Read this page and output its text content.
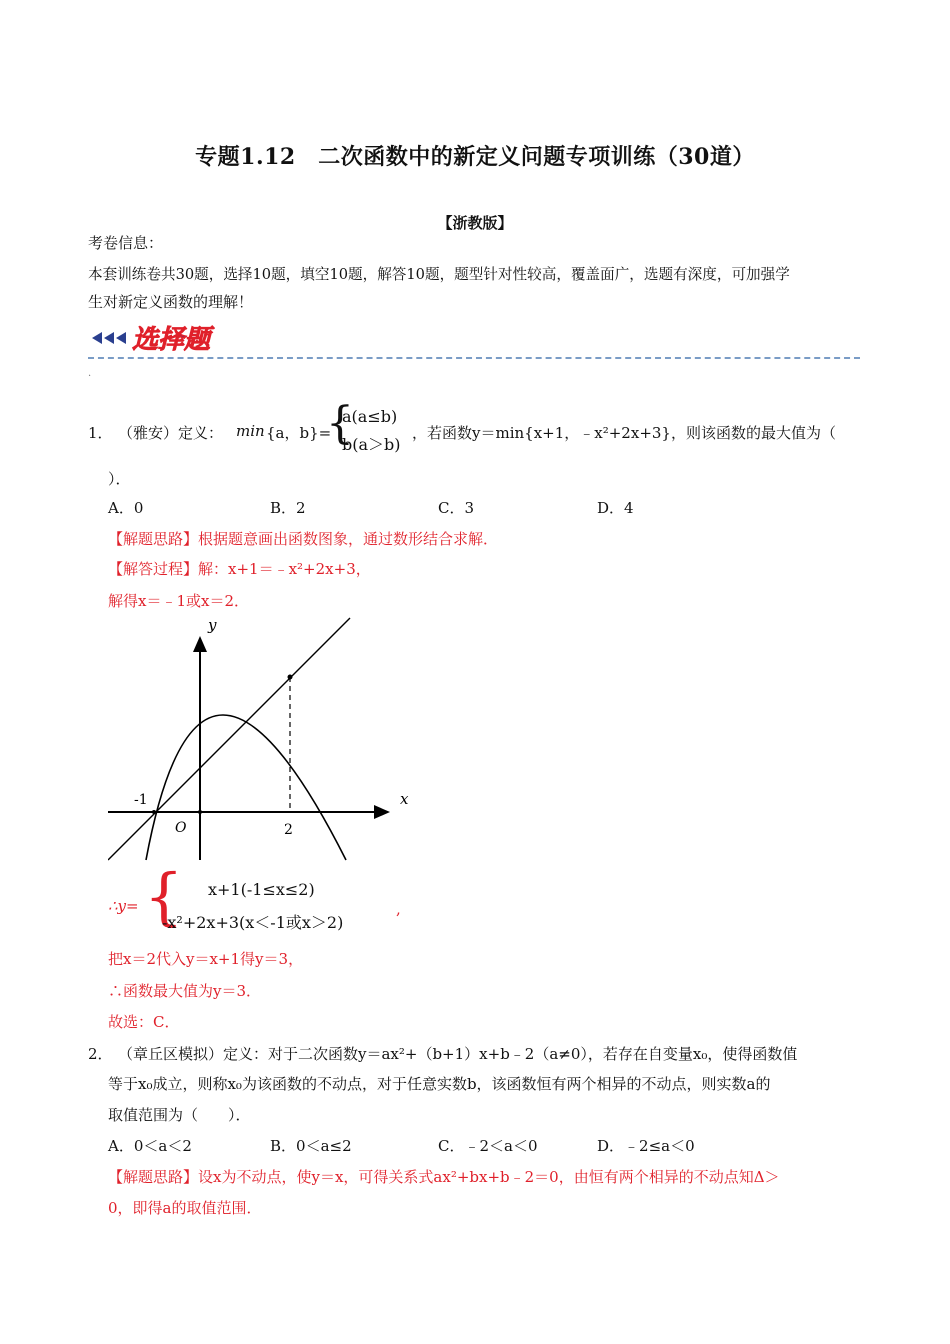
专题1.12　二次函数中的新定义问题专项训练（30道）
【浙教版】
考卷信息：
本套训练卷共30题，选择10题，填空10题，解答10题，题型针对性较高，覆盖面广，选题有深度，可加强学
生对新定义函数的理解！
选择题
.
1． （雅安）定义： min {a，b}=
{
a(a≤b)
b(a＞b)
，若函数y＝min{x+1，﹣x²+2x+3}，则该函数的最大值为（
）．
A．0	B．2	C．3	D．4
【解题思路】根据题意画出函数图象，通过数形结合求解．
【解答过程】解：x+1＝﹣x²+2x+3，
解得x＝﹣1或x＝2．
y
x
O
-1
2
∴y= { x+1(-1≤x≤2)
-x²+2x+3(x＜-1或x＞2)
,
把x＝2代入y＝x+1得y＝3，
∴函数最大值为y＝3．
故选：C．
2． （章丘区模拟）定义：对于二次函数y＝ax²+（b+1）x+b﹣2（a≠0），若存在自变量x₀，使得函数值
等于x₀成立，则称x₀为该函数的不动点，对于任意实数b，该函数恒有两个相异的不动点，则实数a的
取值范围为（　　）．
A．0＜a＜2	B．0＜a≤2	C．﹣2＜a＜0	D．﹣2≤a＜0
【解题思路】设x为不动点，使y＝x，可得关系式ax²+bx+b﹣2＝0，由恒有两个相异的不动点知Δ＞
0，即得a的取值范围．
